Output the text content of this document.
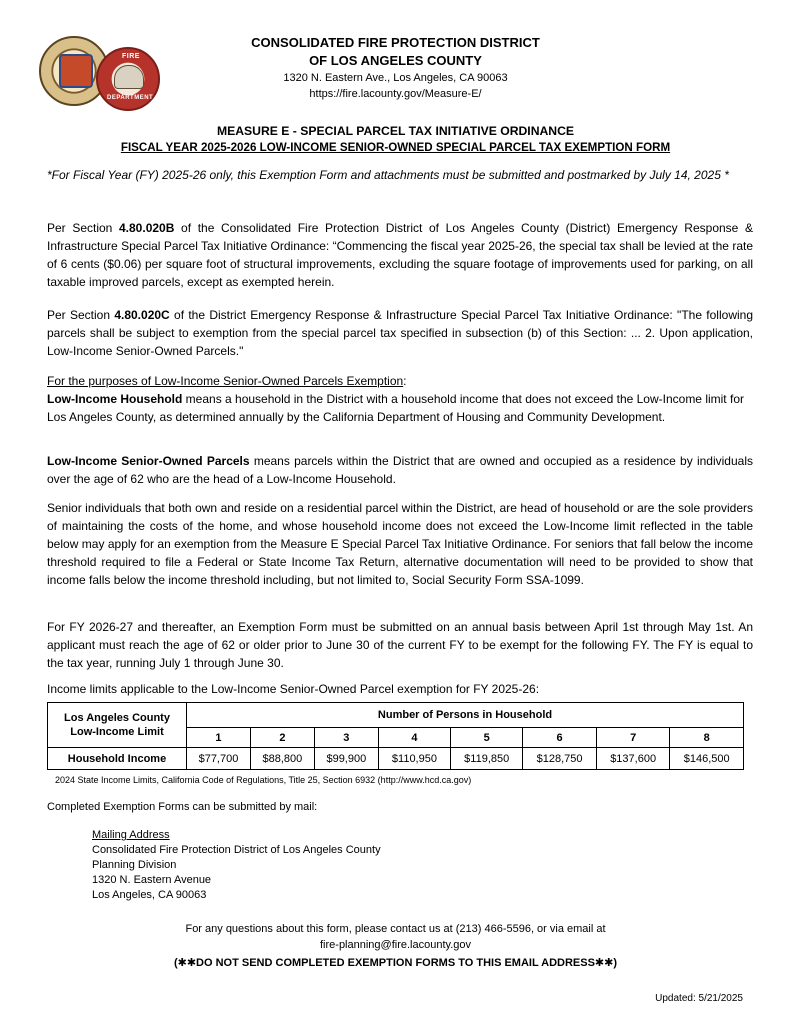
FIRE
DEPARTMENT
CONSOLIDATED FIRE PROTECTION DISTRICT
OF LOS ANGELES COUNTY
1320 N. Eastern Ave., Los Angeles, CA 90063
https://fire.lacounty.gov/Measure-E/
MEASURE E - SPECIAL PARCEL TAX INITIATIVE ORDINANCE
FISCAL YEAR 2025-2026 LOW-INCOME SENIOR-OWNED SPECIAL PARCEL TAX EXEMPTION FORM
*For Fiscal Year (FY) 2025-26 only, this Exemption Form and attachments must be submitted and postmarked by July 14, 2025 *
Per Section 4.80.020B of the Consolidated Fire Protection District of Los Angeles County (District) Emergency Response & Infrastructure Special Parcel Tax Initiative Ordinance: “Commencing the fiscal year 2025-26, the special tax shall be levied at the rate of 6 cents ($0.06) per square foot of structural improvements, excluding the square footage of improvements used for parking, on all taxable improved parcels, except as exempted herein.
Per Section 4.80.020C of the District Emergency Response & Infrastructure Special Parcel Tax Initiative Ordinance: "The following parcels shall be subject to exemption from the special parcel tax specified in subsection (b) of this Section: ... 2. Upon application, Low-Income Senior-Owned Parcels."
For the purposes of Low-Income Senior-Owned Parcels Exemption:
Low-Income Household means a household in the District with a household income that does not exceed the Low-Income limit for Los Angeles County, as determined annually by the California Department of Housing and Community Development.
Low-Income Senior-Owned Parcels means parcels within the District that are owned and occupied as a residence by individuals over the age of 62 who are the head of a Low-Income Household.
Senior individuals that both own and reside on a residential parcel within the District, are head of household or are the sole providers of maintaining the costs of the home, and whose household income does not exceed the Low-Income limit reflected in the table below may apply for an exemption from the Measure E Special Parcel Tax Initiative Ordinance. For seniors that fall below the income threshold required to file a Federal or State Income Tax Return, alternative documentation will need to be provided to show that income falls below the income threshold including, but not limited to, Social Security Form SSA-1099.
For FY 2026-27 and thereafter, an Exemption Form must be submitted on an annual basis between April 1st through May 1st. An applicant must reach the age of 62 or older prior to June 30 of the current FY to be exempt for the following FY. The FY is equal to the tax year, running July 1 through June 30.
Income limits applicable to the Low-Income Senior-Owned Parcel exemption for FY 2025-26:
Los Angeles County
Low-Income Limit	Number of Persons in Household							
	1	2	3	4	5	6	7	8
Household Income	$77,700	$88,800	$99,900	$110,950	$119,850	$128,750	$137,600	$146,500
2024 State Income Limits, California Code of Regulations, Title 25, Section 6932 (http://www.hcd.ca.gov)
Completed Exemption Forms can be submitted by mail:
Mailing Address
Consolidated Fire Protection District of Los Angeles County
Planning Division
1320 N. Eastern Avenue
Los Angeles, CA 90063
For any questions about this form, please contact us at (213) 466-5596, or via email at
fire-planning@fire.lacounty.gov
(✱✱DO NOT SEND COMPLETED EXEMPTION FORMS TO THIS EMAIL ADDRESS✱✱)
Updated: 5/21/2025
